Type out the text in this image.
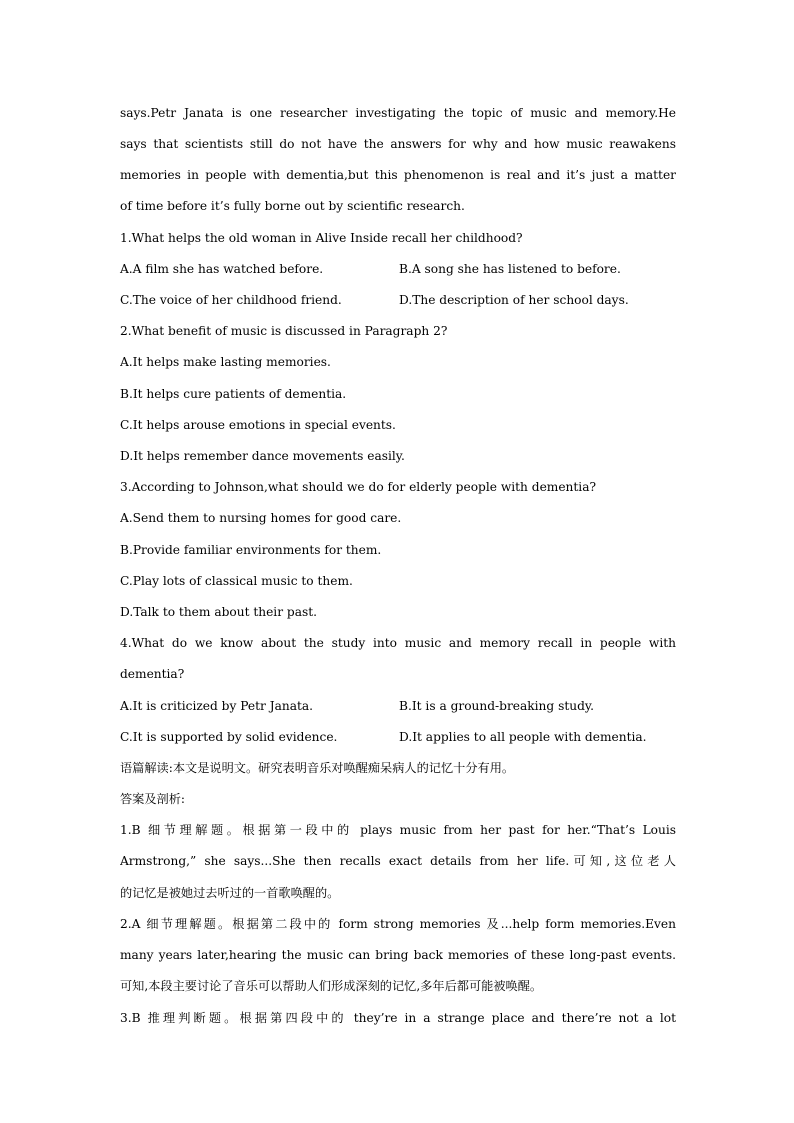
says.Petr Janata is one researcher investigating the topic of music and memory.He
says that scientists still do not have the answers for why and how music reawakens
memories in people with dementia,but this phenomenon is real and it’s just a matter
of time before it’s fully borne out by scientific research.
1.What helps the old woman in Alive Inside recall her childhood?
A.A film she has watched before.	B.A song she has listened to before.
C.The voice of her childhood friend.	D.The description of her school days.
2.What benefit of music is discussed in Paragraph 2?
A.It helps make lasting memories.
B.It helps cure patients of dementia.
C.It helps arouse emotions in special events.
D.It helps remember dance movements easily.
3.According to Johnson,what should we do for elderly people with dementia?
A.Send them to nursing homes for good care.
B.Provide familiar environments for them.
C.Play lots of classical music to them.
D.Talk to them about their past.
4.What do we know about the study into music and memory recall in people with
dementia?
A.It is criticized by Petr Janata.	B.It is a ground-breaking study.
C.It is supported by solid evidence.	D.It applies to all people with dementia.
语篇解读:本文是说明文。研究表明音乐对唤醒痴呆病人的记忆十分有用。
答案及剖析:
1.B 细节理解题。根据第一段中的 plays music from her past for her.“That’s Louis
Armstrong,” she says...She then recalls exact details from her life.可知,这位老人
的记忆是被她过去听过的一首歌唤醒的。
2.A 细节理解题。根据第二段中的 form strong memories 及...help form memories.Even
many years later,hearing the music can bring back memories of these long-past events.
可知,本段主要讨论了音乐可以帮助人们形成深刻的记忆,多年后都可能被唤醒。
3.B 推理判断题。根据第四段中的 they’re in a strange place and there’re not a lot
